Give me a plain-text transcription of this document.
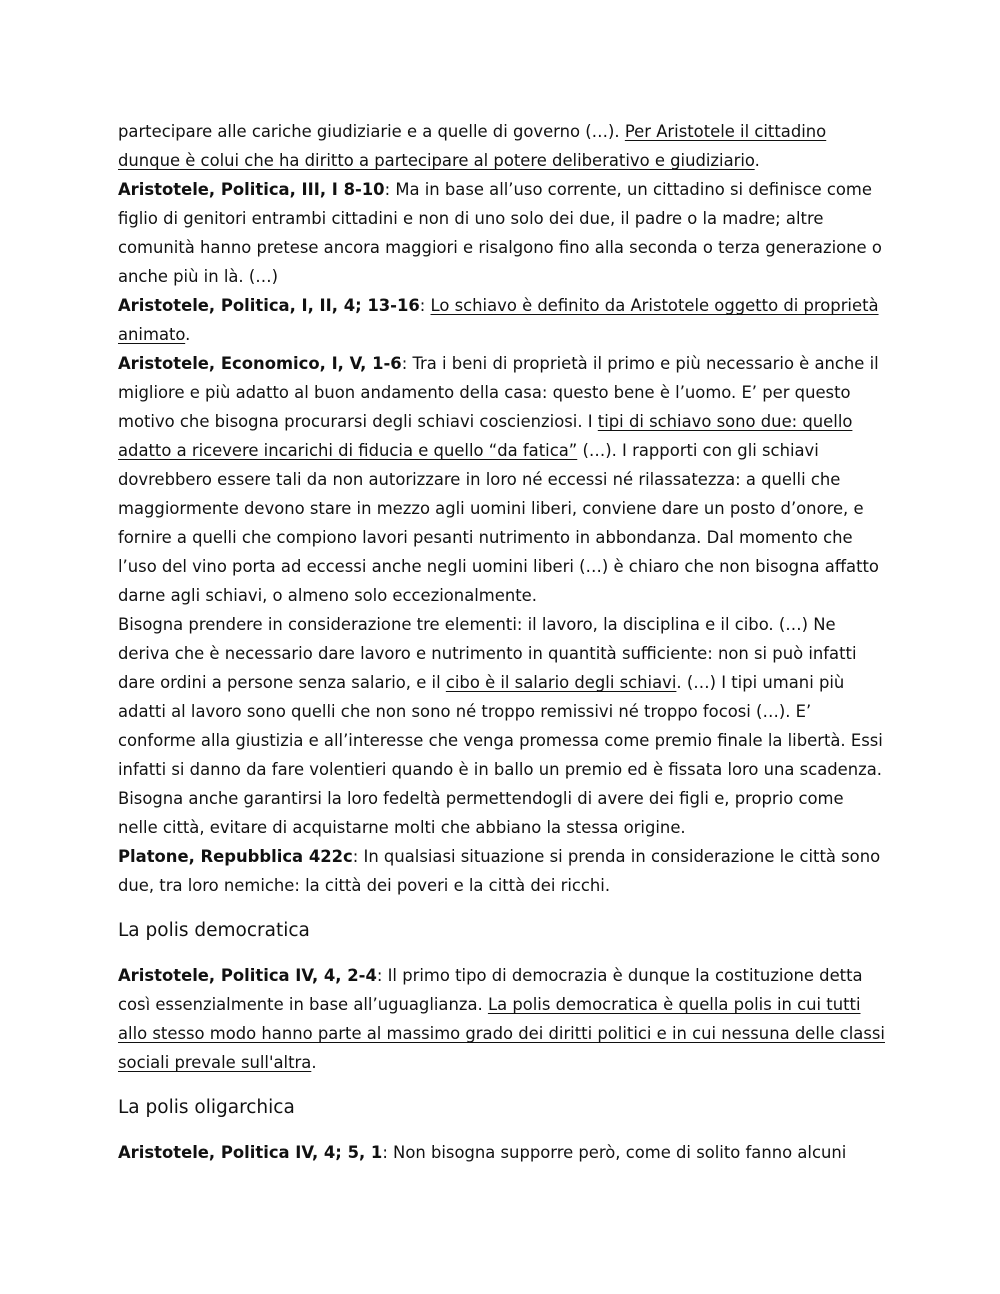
partecipare alle cariche giudiziarie e a quelle di governo (…). Per Aristotele il cittadino dunque è colui che ha diritto a partecipare al potere deliberativo e giudiziario.

Aristotele, Politica, III, I 8-10: Ma in base all’uso corrente, un cittadino si definisce come figlio di genitori entrambi cittadini e non di uno solo dei due, il padre o la madre; altre comunità hanno pretese ancora maggiori e risalgono fino alla seconda o terza generazione o anche più in là. (…)

Aristotele, Politica, I, II, 4; 13-16: Lo schiavo è definito da Aristotele oggetto di proprietà animato.

Aristotele, Economico, I, V, 1-6: Tra i beni di proprietà il primo e più necessario è anche il migliore e più adatto al buon andamento della casa: questo bene è l’uomo. E’ per questo motivo che bisogna procurarsi degli schiavi coscienziosi. I tipi di schiavo sono due: quello adatto a ricevere incarichi di fiducia e quello “da fatica” (…). I rapporti con gli schiavi dovrebbero essere tali da non autorizzare in loro né eccessi né rilassatezza: a quelli che maggiormente devono stare in mezzo agli uomini liberi, conviene dare un posto d’onore, e fornire a quelli che compiono lavori pesanti nutrimento in abbondanza. Dal momento che l’uso del vino porta ad eccessi anche negli uomini liberi (…) è chiaro che non bisogna affatto darne agli schiavi, o almeno solo eccezionalmente.

Bisogna prendere in considerazione tre elementi: il lavoro, la disciplina e il cibo. (…) Ne deriva che è necessario dare lavoro e nutrimento in quantità sufficiente: non si può infatti dare ordini a persone senza salario, e il cibo è il salario degli schiavi. (…) I tipi umani più adatti al lavoro sono quelli che non sono né troppo remissivi né troppo focosi (…). E’ conforme alla giustizia e all’interesse che venga promessa come premio finale la libertà. Essi infatti si danno da fare volentieri quando è in ballo un premio ed è fissata loro una scadenza. Bisogna anche garantirsi la loro fedeltà permettendogli di avere dei figli e, proprio come nelle città, evitare di acquistarne molti che abbiano la stessa origine.

Platone, Repubblica 422c: In qualsiasi situazione si prenda in considerazione le città sono due, tra loro nemiche: la città dei poveri e la città dei ricchi.

La polis democratica

Aristotele, Politica IV, 4, 2-4: Il primo tipo di democrazia è dunque la costituzione detta così essenzialmente in base all’uguaglianza. La polis democratica è quella polis in cui tutti allo stesso modo hanno parte al massimo grado dei diritti politici e in cui nessuna delle classi sociali prevale sull'altra.

La polis oligarchica

Aristotele, Politica IV, 4; 5, 1: Non bisogna supporre però, come di solito fanno alcuni
